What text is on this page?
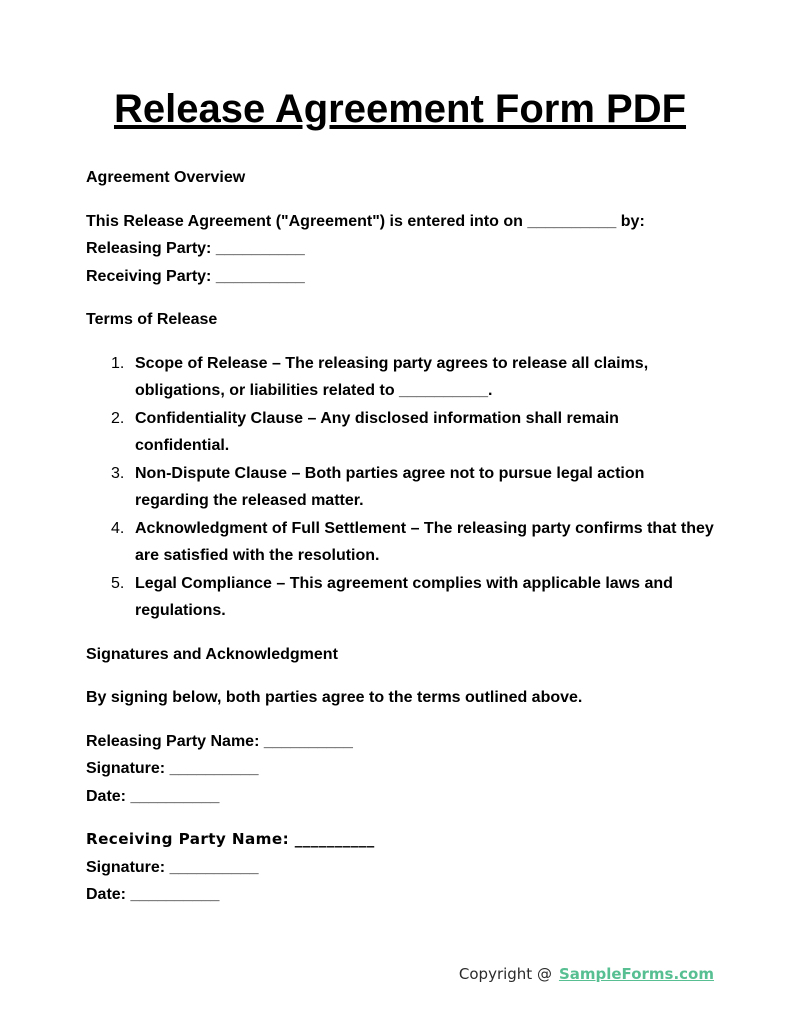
Release Agreement Form PDF

Agreement Overview

This Release Agreement ("Agreement") is entered into on __________ by:
Releasing Party: __________
Receiving Party: __________

Terms of Release

1. Scope of Release – The releasing party agrees to release all claims, obligations, or liabilities related to __________.
2. Confidentiality Clause – Any disclosed information shall remain confidential.
3. Non-Dispute Clause – Both parties agree not to pursue legal action regarding the released matter.
4. Acknowledgment of Full Settlement – The releasing party confirms that they are satisfied with the resolution.
5. Legal Compliance – This agreement complies with applicable laws and regulations.

Signatures and Acknowledgment

By signing below, both parties agree to the terms outlined above.

Releasing Party Name: __________
Signature: __________
Date: __________

Receiving Party Name: __________
Signature: __________
Date: __________

Copyright @ SampleForms.com
